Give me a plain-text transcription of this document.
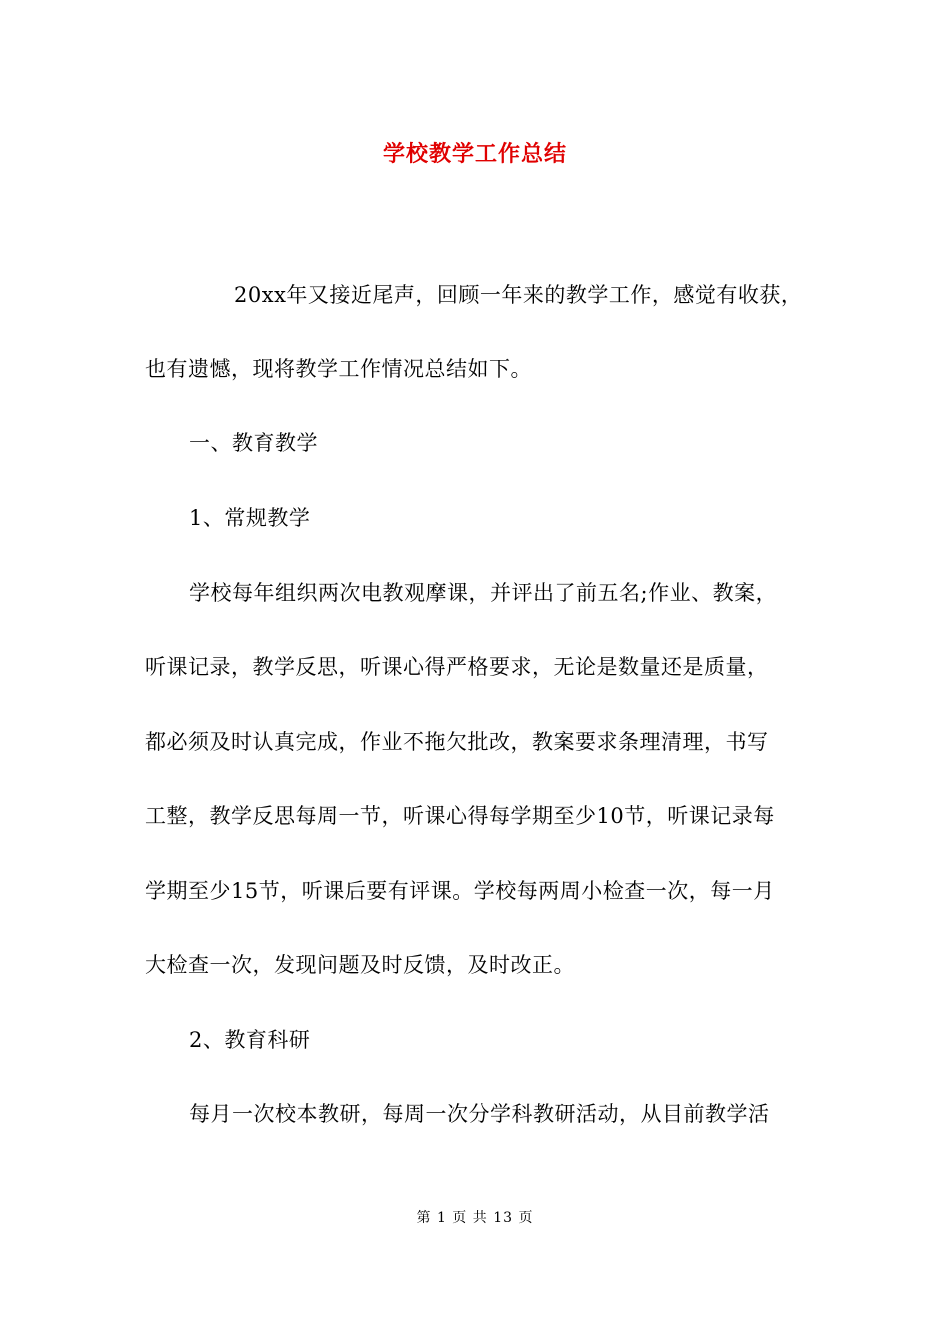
学校教学工作总结
20xx年又接近尾声，回顾一年来的教学工作，感觉有收获，
也有遗憾，现将教学工作情况总结如下。
一、教育教学
1、常规教学
学校每年组织两次电教观摩课，并评出了前五名;作业、教案，
听课记录，教学反思，听课心得严格要求，无论是数量还是质量，
都必须及时认真完成，作业不拖欠批改，教案要求条理清理，书写
工整，教学反思每周一节，听课心得每学期至少10节，听课记录每
学期至少15节，听课后要有评课。学校每两周小检查一次，每一月
大检查一次，发现问题及时反馈，及时改正。
2、教育科研
每月一次校本教研，每周一次分学科教研活动，从目前教学活
第 1 页 共 13 页
